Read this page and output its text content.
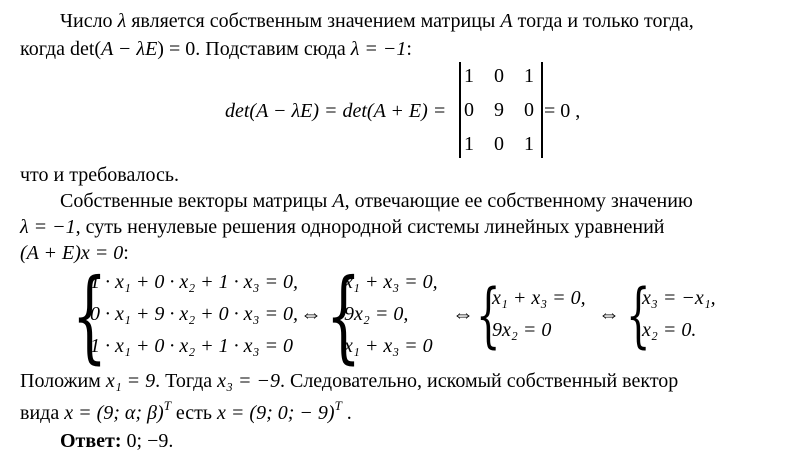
Число λ является собственным значением матрицы A тогда и только тогда,
когда det(A − λE) = 0. Подставим сюда λ = −1:
det(A − λE) = det(A + E) =
1	0	1
0	9	0
1	0	1
= 0 ,
что и требовалось.
Собственные векторы матрицы A, отвечающие ее собственному значению
λ = −1, суть ненулевые решения однородной системы линейных уравнений
(A + E)x = 0:
{
1 · x₁ + 0 · x₂ + 1 · x₃ = 0,
0 · x₁ + 9 · x₂ + 0 · x₃ = 0,
1 · x₁ + 0 · x₂ + 1 · x₃ = 0
⇔ {
x₁ + x₃ = 0,
9x₂ = 0,
x₁ + x₃ = 0
⇔ {
x₁ + x₃ = 0,
9x₂ = 0
⇔ {
x₃ = −x₁,
x₂ = 0.
Положим x₁ = 9. Тогда x₃ = −9. Следовательно, искомый собственный вектор
вида x = (9; α; β)$^T$ есть x = (9; 0; − 9)$^T$ .
Ответ: 0; −9.
